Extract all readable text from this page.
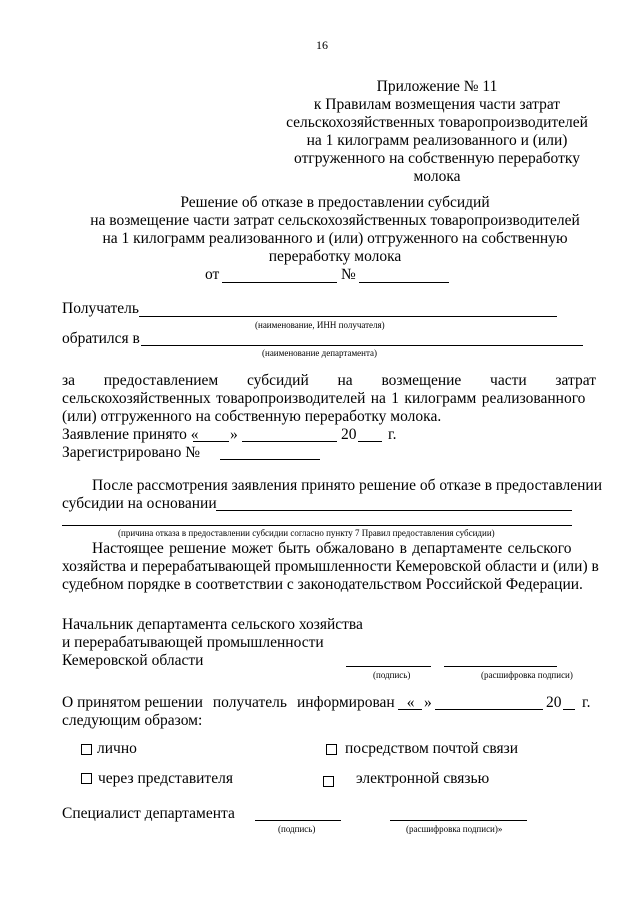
16
Приложение № 11
к Правилам возмещения части затрат
сельскохозяйственных товаропроизводителей
на 1 килограмм реализованного и (или)
отгруженного на собственную переработку
молока
Решение об отказе в предоставлении субсидий
на возмещение части затрат сельскохозяйственных товаропроизводителей
на 1 килограмм реализованного и (или) отгруженного на собственную
переработку молока
от	№
Получатель
(наименование, ИНН получателя)
обратился в
(наименование департамента)
за предоставлением субсидий на возмещение части затрат
сельскохозяйственных товаропроизводителей на 1 килограмм реализованного
(или) отгруженного на собственную переработку молока.
Заявление принято « »	20 г.
Зарегистрировано №
После рассмотрения заявления принято решение об отказе в предоставлении
субсидии на основании
(причина отказа в предоставлении субсидии согласно пункту 7 Правил предоставления субсидии)
Настоящее решение может быть обжаловано в департаменте сельского
хозяйства и перерабатывающей промышленности Кемеровской области и (или) в
судебном порядке в соответствии с законодательством Российской Федерации.
Начальник департамента сельского хозяйства
и перерабатывающей промышленности
Кемеровской области
(подпись)	(расшифровка подписи)
О принятом решении получатель информирован « »	20 г.
следующим образом:
лично	посредством почтой связи
через представителя	электронной связью
Специалист департамента
(подпись)	(расшифровка подписи)»
